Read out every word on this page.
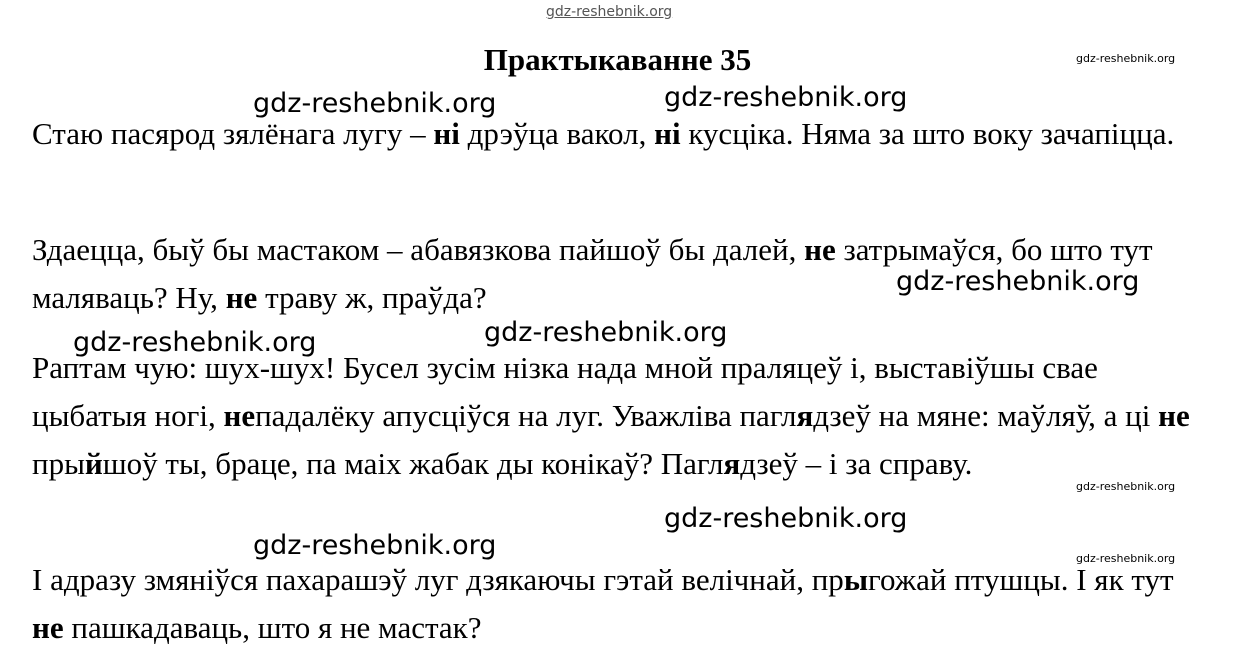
Практыкаванне 35

Стаю пасярод зялёнага лугу – ні дрэўца вакол, ні кусціка. Няма за што воку зачапіцца.

Здаецца, быў бы мастаком – абавязкова пайшоў бы далей, не затрымаўся, бо што тут маляваць? Ну, не траву ж, праўда?

Раптам чую: шух-шух! Бусел зусім нізка нада мной праляцеў і, выставіўшы свае цыбатыя ногі, непадалёку апусціўся на луг. Уважліва паглядзеў на мяне: маўляў, а ці не прыйшоў ты, браце, па маіх жабак ды конікаў? Паглядзеў – і за справу.

І адразу змяніўся пахарашэў луг дзякаючы гэтай велічнай, прыгожай птушцы. І як тут не пашкадаваць, што я не мастак?

gdz-reshebnik.org
gdz-reshebnik.org
gdz-reshebnik.org	gdz-reshebnik.org
gdz-reshebnik.org
gdz-reshebnik.org	gdz-reshebnik.org
gdz-reshebnik.org
gdz-reshebnik.org
gdz-reshebnik.org	gdz-reshebnik.org
